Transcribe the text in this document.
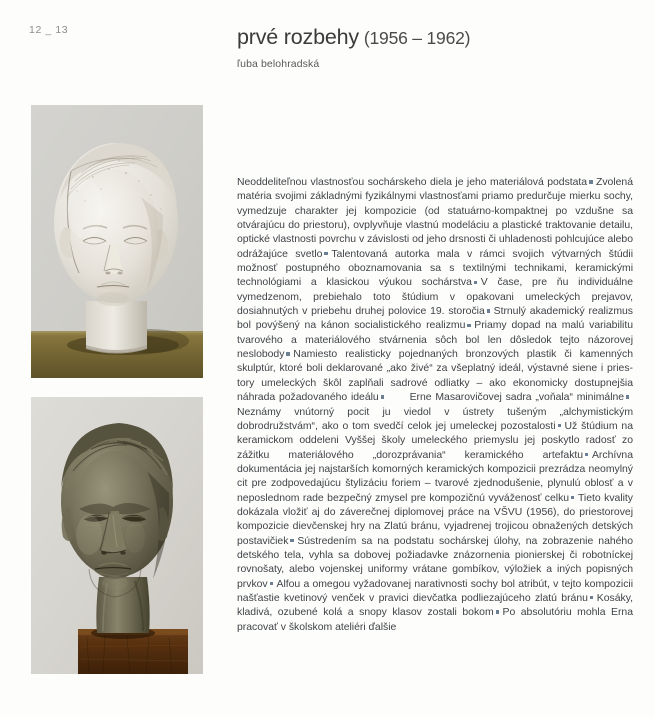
12 _ 13	prvé rozbehy (1956 – 1962)
ľuba belohradská
Neoddeliteľnou vlastnosťou sochárskeho diela je jeho materiálová podstata Zvolená matéria svojimi základnými fyzikálnymi vlastnosťami priamo predurčuje mierku sochy, vymedzuje charakter jej kompozicie (od statuárno-kompaktnej po vzdušne sa otvárajúcu do priestoru), ovplyvňuje vlastnú modeláciu a plastické traktovanie detailu, optické vlastnosti povrchu v závislosti od jeho drsnosti či uhladenosti pohlcujúce alebo odrážajúce svetlo Talentovaná autorka mala v rámci svojich výtvarných štúdii možnosť postupného oboznamovania sa s textilnými technikami, keramickými technológiami a klasickou výukou sochárstva V čase, pre ňu individuálne vymedzenom, prebiehalo toto štúdium v opakovani umeleckých prejavov, dosiahnutých v priebehu druhej polovice 19. storočia Strnulý akademický realizmus bol povýšený na kánon socialistického realizmu Priamy dopad na malú variabilitu tvarového a materiálového stvárnenia sôch bol len dôsledok tejto názorovej neslobody Namiesto realisticky pojednaných bronzových plastik či kamenných skulptúr, ktoré boli deklarované „ako živé“ za všeplatný ideál, výstavné siene i priestory umeleckých škôl zaplňali sadrové odliatky – ako ekonomicky dostupnejšia náhrada požadovaného ideálu	Erne Masarovičovej sadra „voňala“ minimálneNeznámy vnútorný pocit ju viedol v ústrety tušeným „alchymistickým dobrodružstvám“, ako o tom svedčí celok jej umeleckej pozostalosti Už štúdium na keramickom oddeleni Vyššej školy umeleckého priemyslu jej poskytlo radosť zo zážitku materiálového „dorozprávania“ keramického artefaktu Archívna dokumentácia jej najstarších komorných keramických kompozicii prezrádza neomylný cit pre zodpovedajúcu štylizáciu foriem – tvarové zjednodušenie, plynulú oblosť a v neposlednom rade bezpečný zmysel pre kompozičnú vyváženosť celku Tieto kvality dokázala vložiť aj do záverečnej diplomovej práce na VŠVU (1956), do priestorovej kompozicie dievčenskej hry na Zlatú bránu, vyjadrenej trojicou obnažených detských postavičiek Sústredením sa na podstatu sochárskej úlohy, na zobrazenie nahého detského tela, vyhla sa dobovej požiadavke znázornenia pionierskej či robotníckej rovnošaty, alebo vojenskej uniformy vrátane gombíkov, výložiek a iných popisných prvkov Alfou a omegou vyžadovanej narativnosti sochy bol atribút, v tejto kompozicii našťastie kvetinový venček v pravici dievčatka podliezajúceho zlatú bránu Kosáky, kladivá, ozubené kolá a snopy klasov zostali bokom Po absolutóriu mohla Erna pracovať v školskom ateliéri ďalšie
